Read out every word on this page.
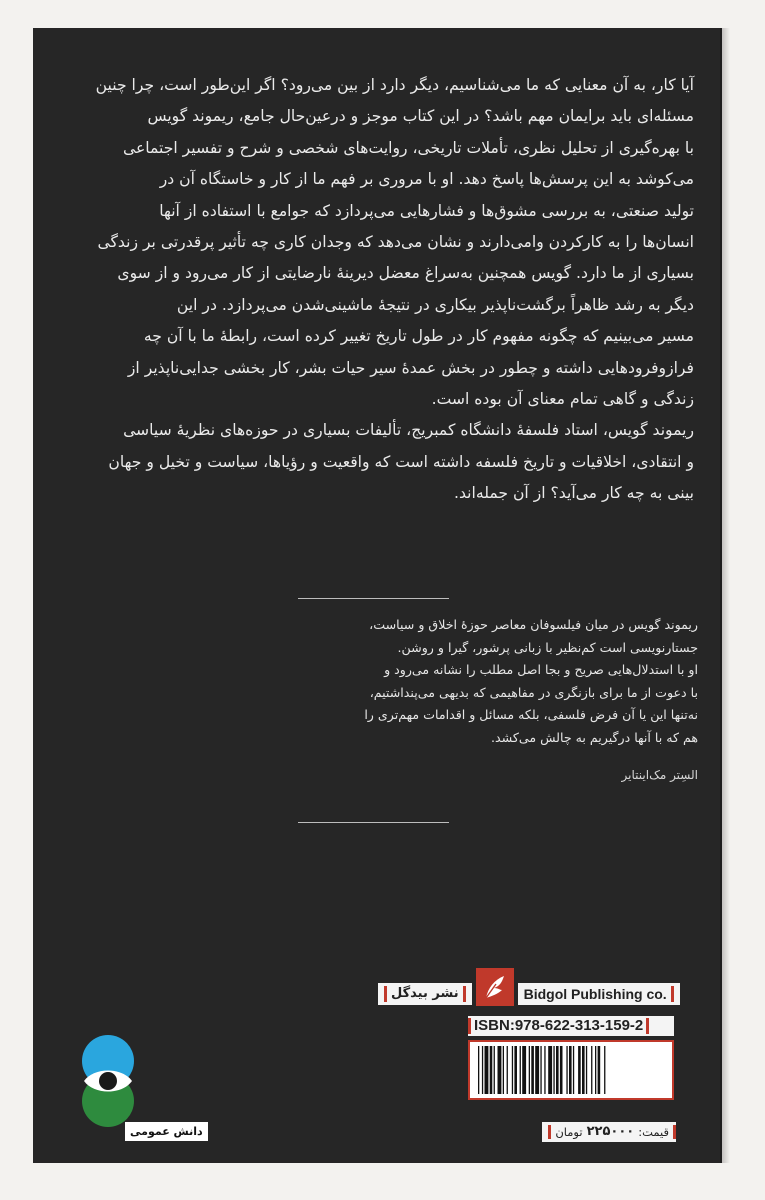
آیا کار، به آن معنایی که ما می‌شناسیم، دیگر دارد از بین می‌رود؟ اگر این‌طور است، چرا چنین

مسئله‌ای باید برایمان مهم باشد؟ در این کتاب موجز و درعین‌حال جامع، ریموند گویس

با بهره‌گیری از تحلیل نظری، تأملات تاریخی، روایت‌های شخصی و شرح و تفسیر اجتماعی

می‌کوشد به این پرسش‌ها پاسخ دهد. او با مروری بر فهم ما از کار و خاستگاه آن در

تولید صنعتی، به بررسی مشوق‌ها و فشارهایی می‌پردازد که جوامع با استفاده از آنها

انسان‌ها را به کارکردن وامی‌دارند و نشان می‌دهد که وجدان کاری چه تأثیر پرقدرتی بر زندگی

بسیاری از ما دارد. گویس همچنین به‌سراغ معضل دیرینهٔ نارضایتی از کار می‌رود و از سوی

دیگر به رشد ظاهراً برگشت‌ناپذیر بیکاری در نتیجهٔ ماشینی‌شدن می‌پردازد. در این

مسیر می‌بینیم که چگونه مفهوم کار در طول تاریخ تغییر کرده است، رابطهٔ ما با آن چه

فرازوفرودهایی داشته و چطور در بخش عمدهٔ سیر حیات بشر، کار بخشی جدایی‌ناپذیر از

زندگی و گاهی تمام معنای آن بوده است.

ریموند گویس، استاد فلسفهٔ دانشگاه کمبریج، تألیفات بسیاری در حوزه‌های نظریهٔ سیاسی

و انتقادی، اخلاقیات و تاریخ فلسفه داشته است که واقعیت و رؤیاها، سیاست و تخیل و جهان

بینی به چه کار می‌آید؟ از آن جمله‌اند.

ریموند گویس در میان فیلسوفان معاصر حوزهٔ اخلاق و سیاست،

جستارنویسی است کم‌نظیر با زبانی پرشور، گیرا و روشن.

او با استدلال‌هایی صریح و بجا اصل مطلب را نشانه می‌رود و

با دعوت از ما برای بازنگری در مفاهیمی که بدیهی می‌پنداشتیم،

نه‌تنها این یا آن فرض فلسفی، بلکه مسائل و اقدامات مهم‌تری را

هم که با آنها درگیریم به چالش می‌کشد.

السِتر مک‌اینتایر

نشر بیدگل	Bidgol Publishing co.
ISBN:978-622-313-159-2
قیمت:
۲۲۵۰۰۰
تومان
دانش عمومی
